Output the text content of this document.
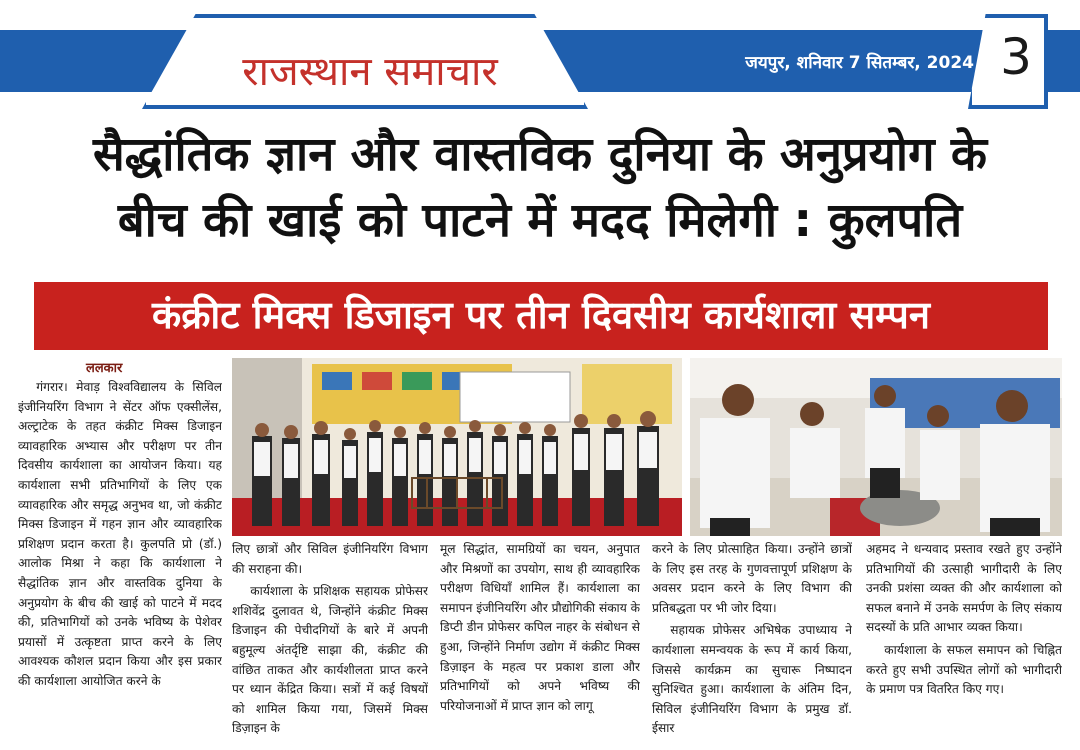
राजस्थान समाचार	जयपुर, शनिवार 7 सितम्बर, 2024 3
सैद्धांतिक ज्ञान और वास्तविक दुनिया के अनुप्रयोग के
बीच की खाई को पाटने में मदद मिलेगी : कुलपति
कंक्रीट मिक्स डिजाइन पर तीन दिवसीय कार्यशाला सम्पन
ललकार

गंगरार। मेवाड़ विश्वविद्यालय के सिविल इंजीनियरिंग विभाग ने सेंटर ऑफ एक्सीलेंस, अल्ट्राटेक के तहत कंक्रीट मिक्स डिजाइन व्यावहारिक अभ्यास और परीक्षण पर तीन दिवसीय कार्यशाला का आयोजन किया। यह कार्यशाला सभी प्रतिभागियों के लिए एक व्यावहारिक और समृद्ध अनुभव था, जो कंक्रीट मिक्स डिजाइन में गहन ज्ञान और व्यावहारिक प्रशिक्षण प्रदान करता है। कुलपति प्रो (डॉ.) आलोक मिश्रा ने कहा कि कार्यशाला ने सैद्धांतिक ज्ञान और वास्तविक दुनिया के अनुप्रयोग के बीच की खाई को पाटने में मदद की, प्रतिभागियों को उनके भविष्य के पेशेवर प्रयासों में उत्कृष्टता प्राप्त करने के लिए आवश्यक कौशल प्रदान किया और इस प्रकार की कार्यशाला आयोजित करने के

लिए छात्रों और सिविल इंजीनियरिंग विभाग की सराहना की।

कार्यशाला के प्रशिक्षक सहायक प्रोफेसर शशिवेंद्र दुलावत थे, जिन्होंने कंक्रीट मिक्स डिजाइन की पेचीदगियों के बारे में अपनी बहुमूल्य अंतर्दृष्टि साझा की, कंक्रीट की वांछित ताकत और कार्यशीलता प्राप्त करने पर ध्यान केंद्रित किया। सत्रों में कई विषयों को शामिल किया गया, जिसमें मिक्स डिज़ाइन के

मूल सिद्धांत, सामग्रियों का चयन, अनुपात और मिश्रणों का उपयोग, साथ ही व्यावहारिक परीक्षण विधियाँ शामिल हैं। कार्यशाला का समापन इंजीनियरिंग और प्रौद्योगिकी संकाय के डिप्टी डीन प्रोफेसर कपिल नाहर के संबोधन से हुआ, जिन्होंने निर्माण उद्योग में कंक्रीट मिक्स डिज़ाइन के महत्व पर प्रकाश डाला और प्रतिभागियों को अपने भविष्य की परियोजनाओं में प्राप्त ज्ञान को लागू

करने के लिए प्रोत्साहित किया। उन्होंने छात्रों के लिए इस तरह के गुणवत्तापूर्ण प्रशिक्षण के अवसर प्रदान करने के लिए विभाग की प्रतिबद्धता पर भी जोर दिया।

सहायक प्रोफेसर अभिषेक उपाध्याय ने कार्यशाला समन्वयक के रूप में कार्य किया, जिससे कार्यक्रम का सुचारू निष्पादन सुनिश्चित हुआ। कार्यशाला के अंतिम दिन, सिविल इंजीनियरिंग विभाग के प्रमुख डॉ. ईसार

अहमद ने धन्यवाद प्रस्ताव रखते हुए उन्होंने प्रतिभागियों की उत्साही भागीदारी के लिए उनकी प्रशंसा व्यक्त की और कार्यशाला को सफल बनाने में उनके समर्पण के लिए संकाय सदस्यों के प्रति आभार व्यक्त किया।

कार्यशाला के सफल समापन को चिह्नित करते हुए सभी उपस्थित लोगों को भागीदारी के प्रमाण पत्र वितरित किए गए।
